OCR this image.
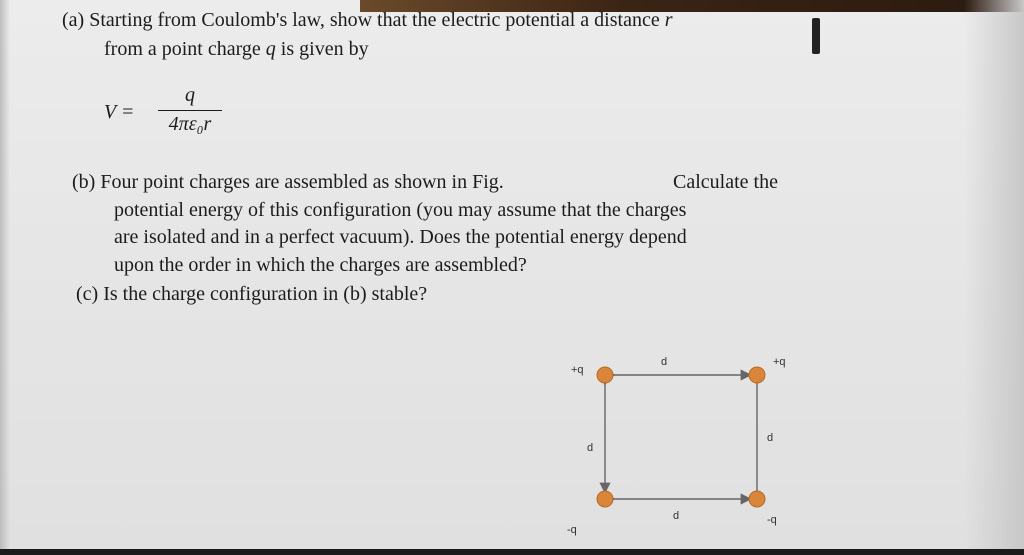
(a) Starting from Coulomb's law, show that the electric potential a distance r
from a point charge q is given by
V =
q
4πε₀r
(b) Four point charges are assembled as shown in Fig.	Calculate the
potential energy of this configuration (you may assume that the charges
are isolated and in a perfect vacuum). Does the potential energy depend
upon the order in which the charges are assembled?
(c) Is the charge configuration in (b) stable?
+q
+q
-q
-q
d
d
d
d
